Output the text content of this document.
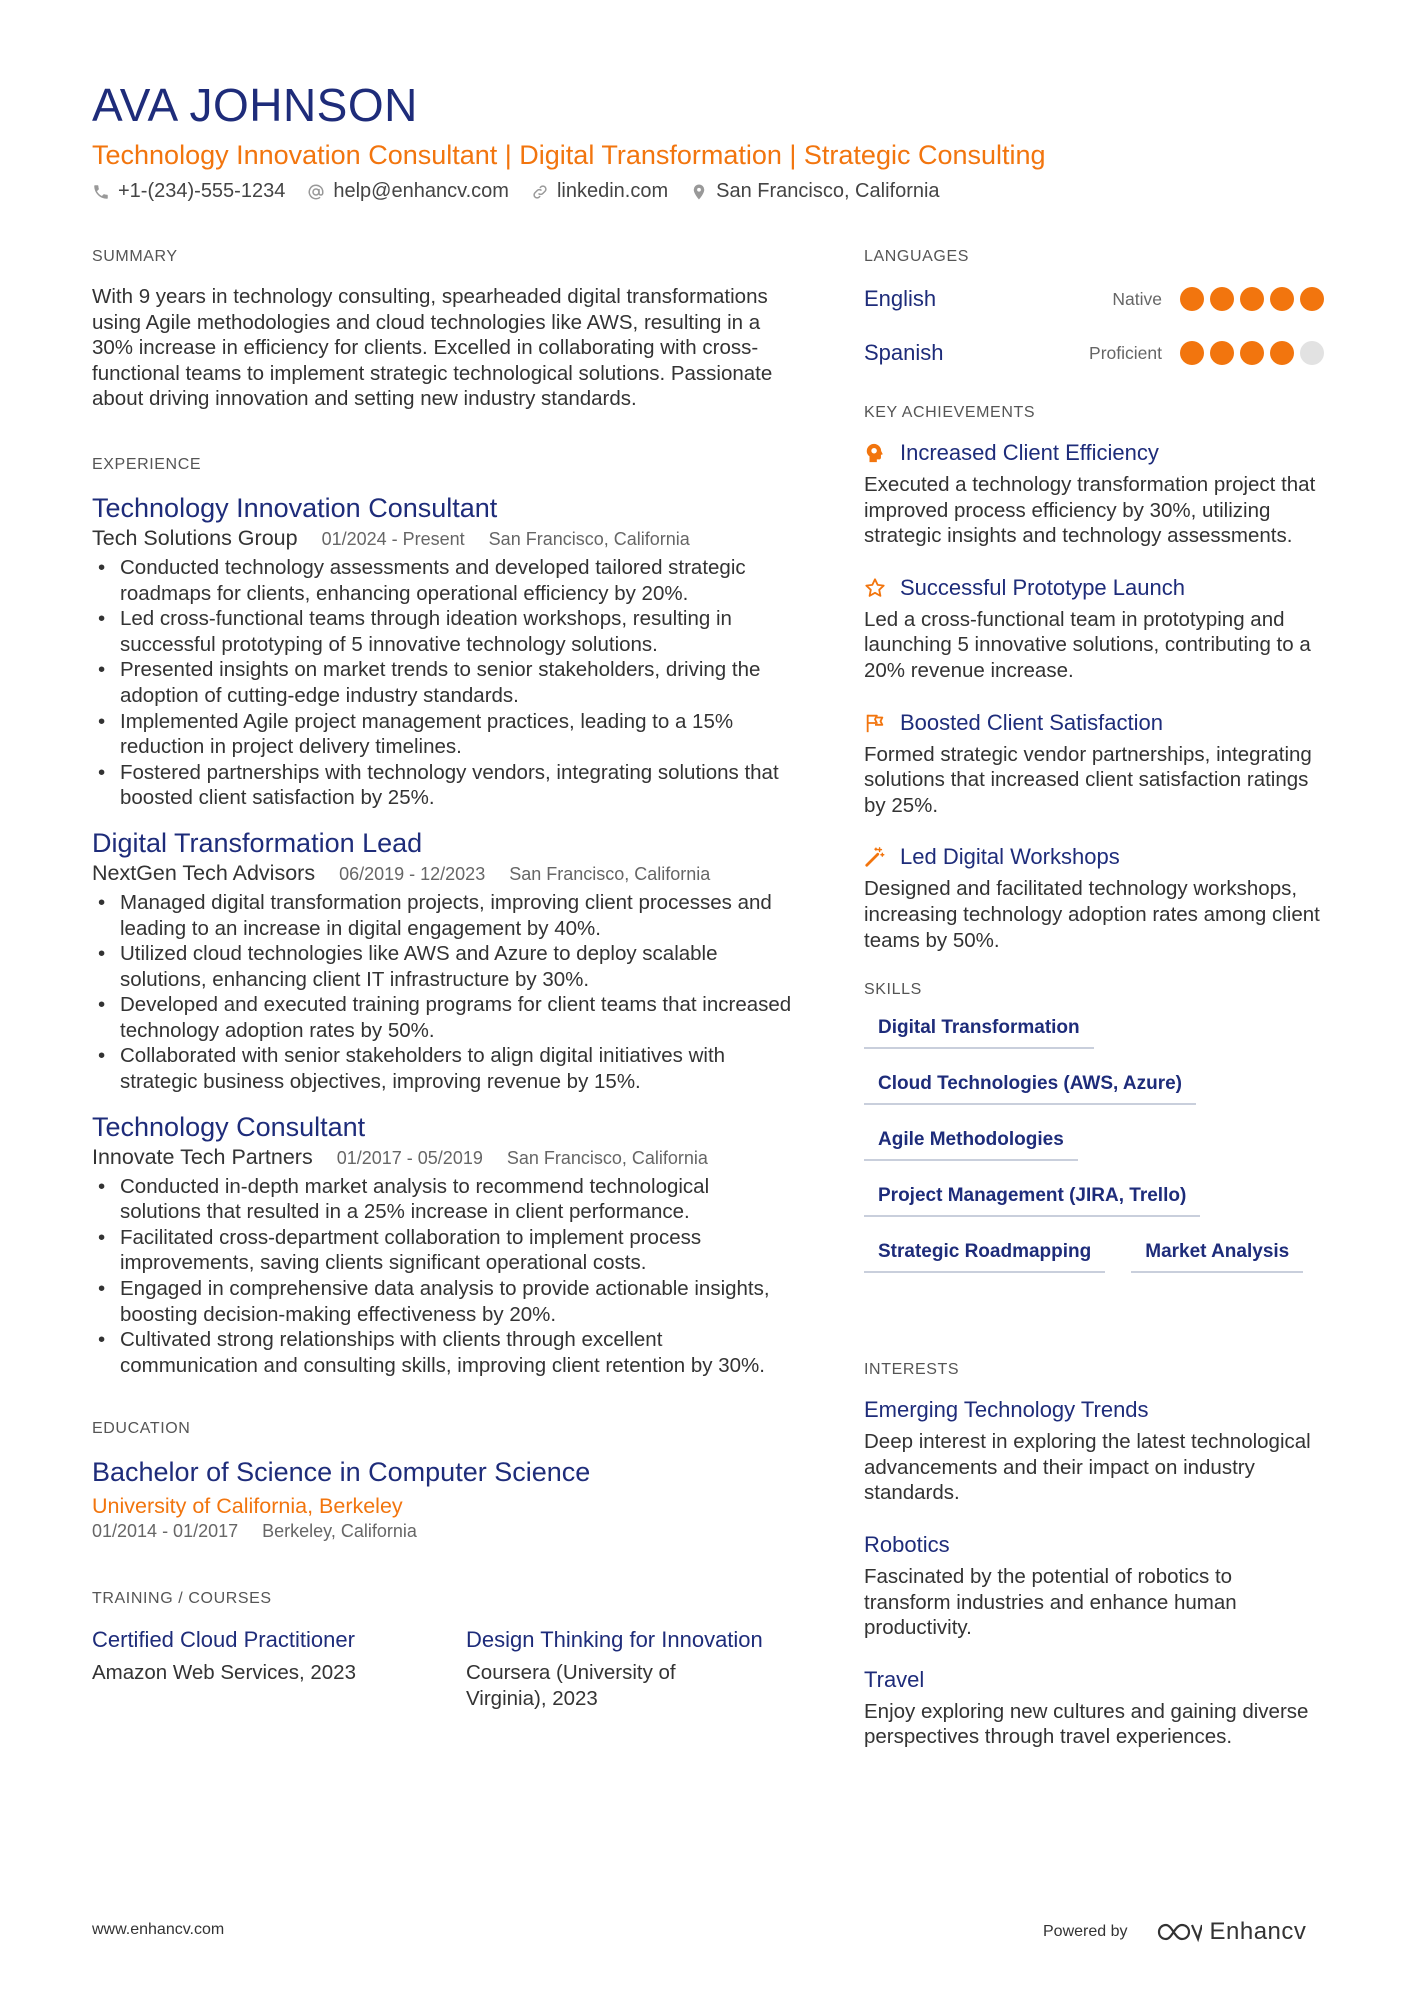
AVA JOHNSON
Technology Innovation Consultant | Digital Transformation | Strategic Consulting
+1-(234)-555-1234 help@enhancv.com linkedin.com San Francisco, California
SUMMARY

With 9 years in technology consulting, spearheaded digital transformations using Agile methodologies and cloud technologies like AWS, resulting in a 30% increase in efficiency for clients. Excelled in collaborating with cross-functional teams to implement strategic technological solutions. Passionate about driving innovation and setting new industry standards.

EXPERIENCE
Technology Innovation Consultant
Tech Solutions Group 01/2024 - Present San Francisco, California
• Conducted technology assessments and developed tailored strategic roadmaps for clients, enhancing operational efficiency by 20%.
• Led cross-functional teams through ideation workshops, resulting in successful prototyping of 5 innovative technology solutions.
• Presented insights on market trends to senior stakeholders, driving the adoption of cutting-edge industry standards.
• Implemented Agile project management practices, leading to a 15% reduction in project delivery timelines.
• Fostered partnerships with technology vendors, integrating solutions that boosted client satisfaction by 25%.
Digital Transformation Lead
NextGen Tech Advisors 06/2019 - 12/2023 San Francisco, California
• Managed digital transformation projects, improving client processes and leading to an increase in digital engagement by 40%.
• Utilized cloud technologies like AWS and Azure to deploy scalable solutions, enhancing client IT infrastructure by 30%.
• Developed and executed training programs for client teams that increased technology adoption rates by 50%.
• Collaborated with senior stakeholders to align digital initiatives with strategic business objectives, improving revenue by 15%.
Technology Consultant
Innovate Tech Partners 01/2017 - 05/2019 San Francisco, California
• Conducted in-depth market analysis to recommend technological solutions that resulted in a 25% increase in client performance.
• Facilitated cross-department collaboration to implement process improvements, saving clients significant operational costs.
• Engaged in comprehensive data analysis to provide actionable insights, boosting decision-making effectiveness by 20%.
• Cultivated strong relationships with clients through excellent communication and consulting skills, improving client retention by 30%.
EDUCATION
Bachelor of Science in Computer Science
University of California, Berkeley
01/2014 - 01/2017 Berkeley, California
TRAINING / COURSES
Certified Cloud Practitioner
Amazon Web Services, 2023
Design Thinking for Innovation
Coursera (University of Virginia), 2023
LANGUAGES
English	Native
Spanish	Proficient
KEY ACHIEVEMENTS
Increased Client Efficiency
Executed a technology transformation project that improved process efficiency by 30%, utilizing strategic insights and technology assessments.
Successful Prototype Launch
Led a cross-functional team in prototyping and launching 5 innovative solutions, contributing to a 20% revenue increase.
Boosted Client Satisfaction
Formed strategic vendor partnerships, integrating solutions that increased client satisfaction ratings by 25%.
Led Digital Workshops
Designed and facilitated technology workshops, increasing technology adoption rates among client teams by 50%.
SKILLS
Digital Transformation
Cloud Technologies (AWS, Azure)
Agile Methodologies
Project Management (JIRA, Trello)
Strategic Roadmapping	Market Analysis
INTERESTS
Emerging Technology Trends
Deep interest in exploring the latest technological advancements and their impact on industry standards.
Robotics
Fascinated by the potential of robotics to transform industries and enhance human productivity.
Travel
Enjoy exploring new cultures and gaining diverse perspectives through travel experiences.
www.enhancv.com	Powered by	Enhancv
